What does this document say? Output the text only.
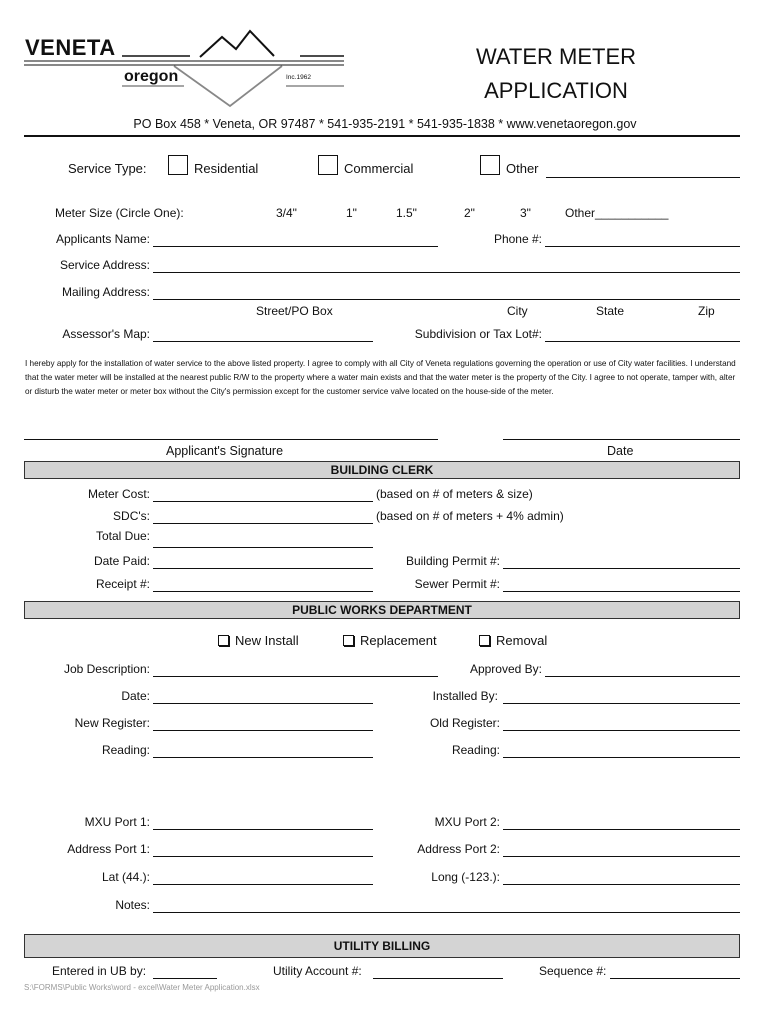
VENETA
oregon	Inc.1962
WATER METER
APPLICATION
PO Box 458 * Veneta, OR 97487 * 541-935-2191 * 541-935-1838 * www.venetaoregon.gov
Service Type:	Residential	Commercial	Other
Meter Size (Circle One):	3/4"	1"	1.5"	2"	3"	Other___________
Applicants Name:	Phone #:
Service Address:
Mailing Address:
Street/PO Box	City	State	Zip
Assessor's Map:	Subdivision or Tax Lot#:
I hereby apply for the installation of water service to the above listed property. I agree to comply with all City of Veneta regulations governing the operation or use of City water facilities. I understand that the water meter will be installed at the nearest public R/W to the property where a water main exists and that the water meter is the property of the City. I agree to not operate, tamper with, alter or disturb the water meter or meter box without the City's permission except for the customer service valve located on the house-side of the meter.
Applicant's Signature	Date
BUILDING CLERK
Meter Cost:	(based on # of meters & size)
SDC's:	(based on # of meters + 4% admin)
Total Due:
Date Paid:	Building Permit #:
Receipt #:	Sewer Permit #:
PUBLIC WORKS DEPARTMENT
New Install	Replacement	Removal
Job Description:	Approved By:
Date:	Installed By:
New Register:	Old Register:
Reading:	Reading:
MXU Port 1:	MXU Port 2:
Address Port 1:	Address Port 2:
Lat (44.):	Long (-123.):
Notes:
UTILITY BILLING
Entered in UB by:	Utility Account #:	Sequence #:
S:\FORMS\Public Works\word - excel\Water Meter Application.xlsx
